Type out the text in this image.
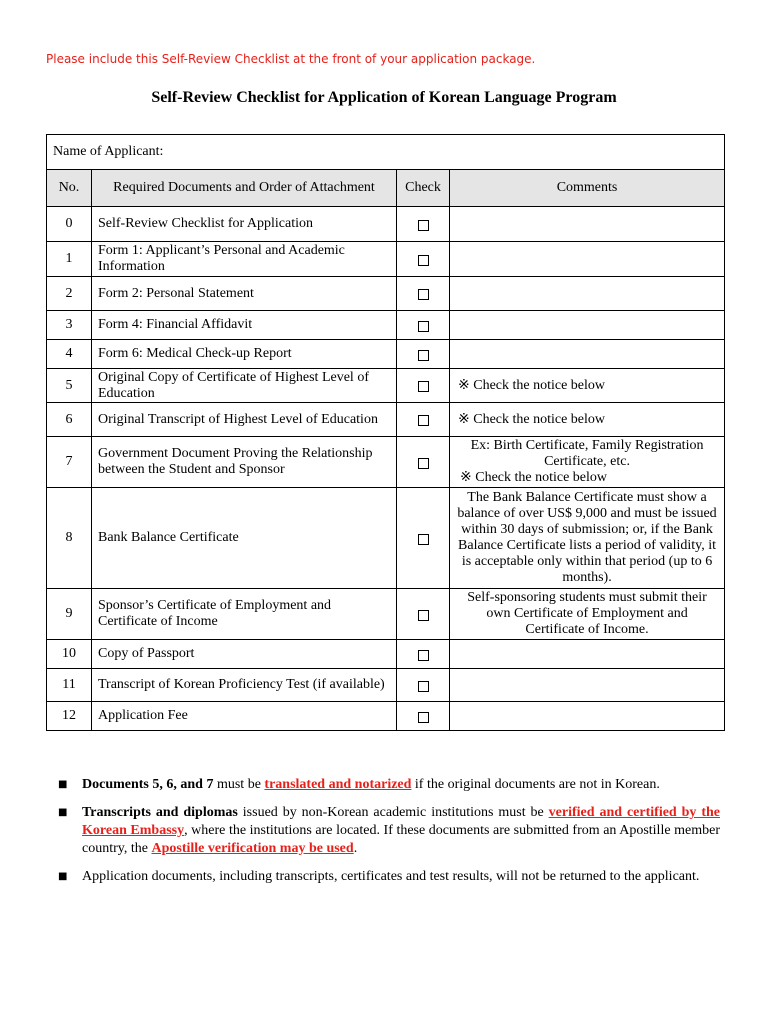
Please include this Self-Review Checklist at the front of your application package.
Self-Review Checklist for Application of Korean Language Program
Name of Applicant:			
No.	Required Documents and Order of Attachment	Check	Comments
0	Self-Review Checklist for Application		
1	Form 1: Applicant’s Personal and Academic Information		
2	Form 2: Personal Statement		
3	Form 4: Financial Affidavit		
4	Form 6: Medical Check-up Report		
5	Original Copy of Certificate of Highest Level of Education		※ Check the notice below

6	Original Transcript of Highest Level of Education		※ Check the notice below

7	Government Document Proving the Relationship between the Student and Sponsor		Ex: Birth Certificate, Family Registration Certificate, etc.
※ Check the notice below

8	Bank Balance Certificate		The Bank Balance Certificate must show a balance of over US$ 9,000 and must be issued within 30 days of submission; or, if the Bank Balance Certificate lists a period of validity, it is acceptable only within that period (up to 6 months).

9	Sponsor’s Certificate of Employment and Certificate of Income		Self-sponsoring students must submit their own Certificate of Employment and Certificate of Income.

10	Copy of Passport		
11	Transcript of Korean Proficiency Test (if available)		
12	Application Fee		
■ Documents 5, 6, and 7 must be translated and notarized if the original documents are not in Korean.
■ Transcripts and diplomas issued by non-Korean academic institutions must be verified and certified by the Korean Embassy, where the institutions are located. If these documents are submitted from an Apostille member country, the Apostille verification may be used.
■ Application documents, including transcripts, certificates and test results, will not be returned to the applicant.
